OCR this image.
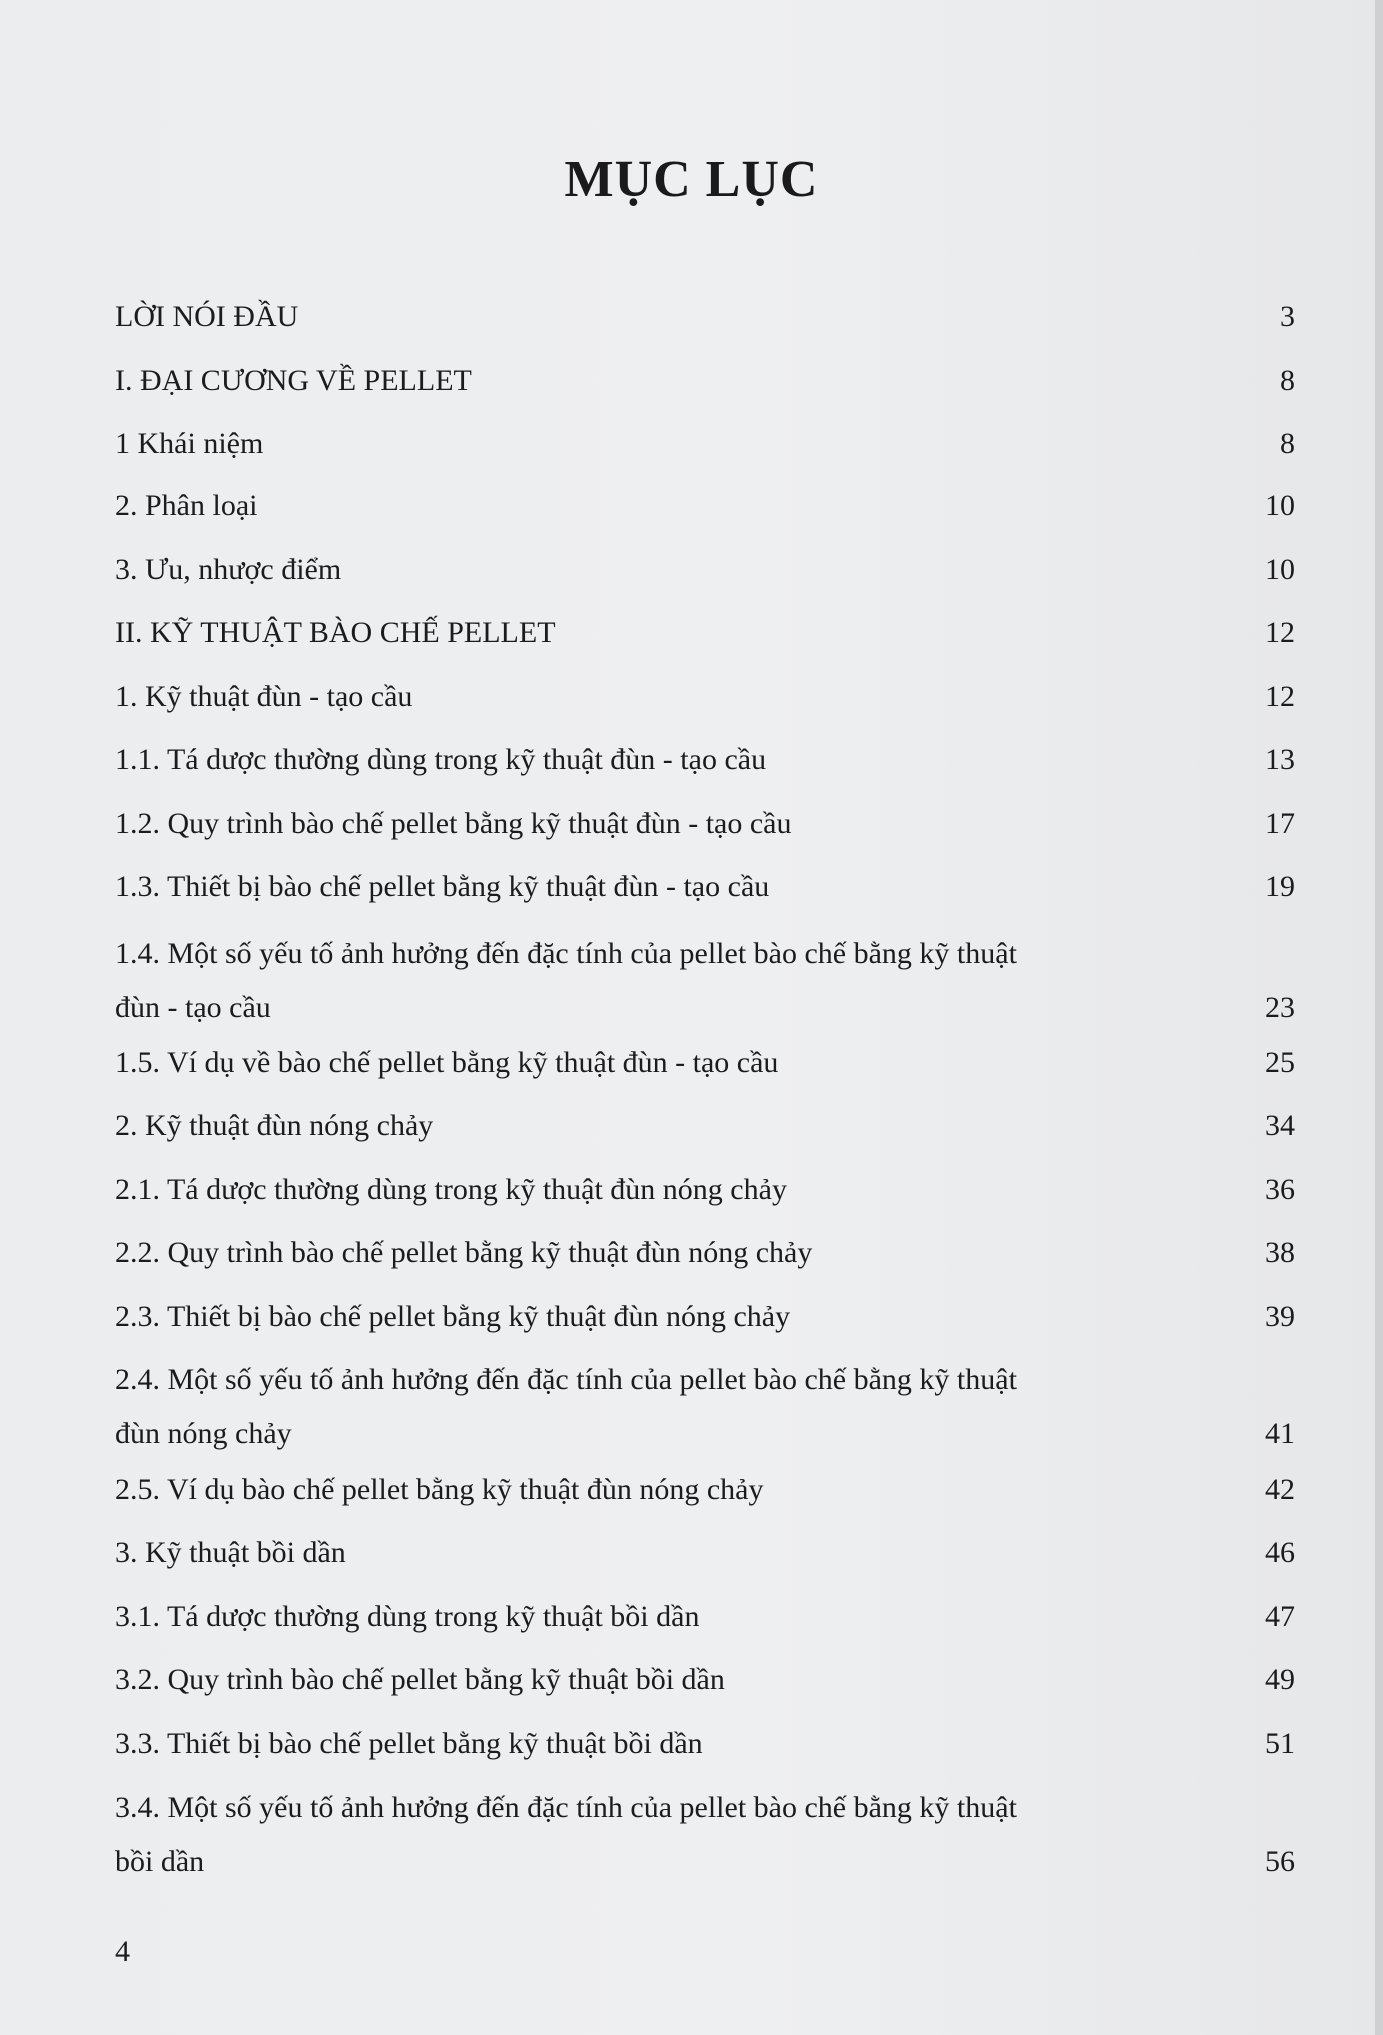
MỤC LỤC
LỜI NÓI ĐẦU	3
I. ĐẠI CƯƠNG VỀ PELLET	8
1 Khái niệm	8
2. Phân loại	10
3. Ưu, nhược điểm	10
II. KỸ THUẬT BÀO CHẾ PELLET	12
1. Kỹ thuật đùn - tạo cầu	12
1.1. Tá dược thường dùng trong kỹ thuật đùn - tạo cầu	13
1.2. Quy trình bào chế pellet bằng kỹ thuật đùn - tạo cầu	17
1.3. Thiết bị bào chế pellet bằng kỹ thuật đùn - tạo cầu	19
1.4. Một số yếu tố ảnh hưởng đến đặc tính của pellet bào chế bằng kỹ thuật
đùn - tạo cầu	23
1.5. Ví dụ về bào chế pellet bằng kỹ thuật đùn - tạo cầu	25
2. Kỹ thuật đùn nóng chảy	34
2.1. Tá dược thường dùng trong kỹ thuật đùn nóng chảy	36
2.2. Quy trình bào chế pellet bằng kỹ thuật đùn nóng chảy	38
2.3. Thiết bị bào chế pellet bằng kỹ thuật đùn nóng chảy	39
2.4. Một số yếu tố ảnh hưởng đến đặc tính của pellet bào chế bằng kỹ thuật
đùn nóng chảy	41
2.5. Ví dụ bào chế pellet bằng kỹ thuật đùn nóng chảy	42
3. Kỹ thuật bồi dần	46
3.1. Tá dược thường dùng trong kỹ thuật bồi dần	47
3.2. Quy trình bào chế pellet bằng kỹ thuật bồi dần	49
3.3. Thiết bị bào chế pellet bằng kỹ thuật bồi dần	51
3.4. Một số yếu tố ảnh hưởng đến đặc tính của pellet bào chế bằng kỹ thuật
bồi dần	56
4
